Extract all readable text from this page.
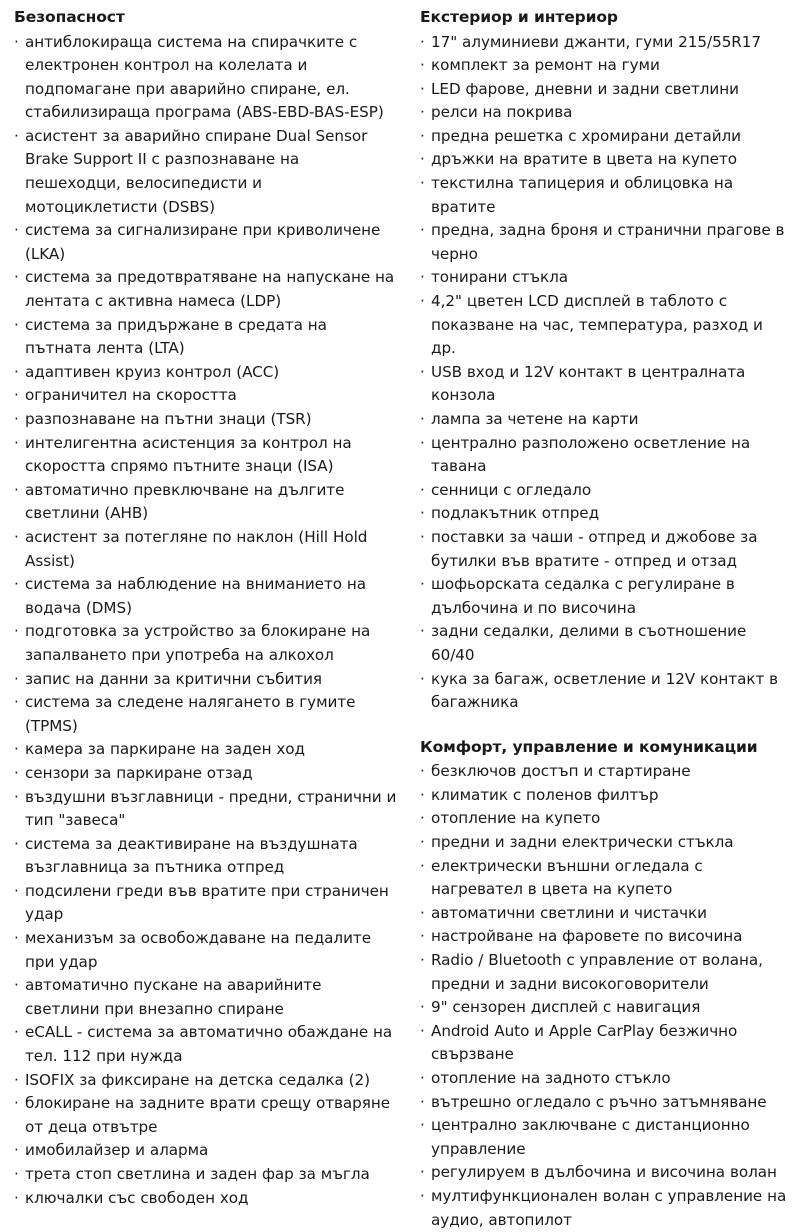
Безопасност
· антиблокираща система на спирачките с електронен контрол на колелата и подпомагане при аварийно спиране, ел. стабилизираща програма (ABS-EBD-BAS-ESP)
· асистент за аварийно спиране Dual Sensor Brake Support II с разпознаване на пешеходци, велосипедисти и мотоциклетисти (DSBS)
· система за сигнализиране при криволичене (LKA)
· система за предотвратяване на напускане на лентата с активна намеса (LDP)
· система за придържане в средата на пътната лента (LTA)
· адаптивен круиз контрол (ACC)
· ограничител на скоростта
· разпознаване на пътни знаци (TSR)
· интелигентна асистенция за контрол на скоростта спрямо пътните знаци (ISA)
· автоматично превключване на дългите светлини (AHB)
· асистент за потегляне по наклон (Hill Hold Assist)
· система за наблюдение на вниманието на водача (DMS)
· подготовка за устройство за блокиране на запалването при употреба на алкохол
· запис на данни за критични събития
· система за следене налягането в гумите (TPMS)
· камера за паркиране на заден ход
· сензори за паркиране отзад
· въздушни възглавници - предни, странични и тип "завеса"
· система за деактивиране на въздушната възглавница за пътника отпред
· подсилени греди във вратите при страничен удар
· механизъм за освобождаване на педалите при удар
· автоматично пускане на аварийните светлини при внезапно спиране
· eCALL - система за автоматично обаждане на тел. 112 при нужда
· ISOFIX за фиксиране на детска седалка (2)
· блокиране на задните врати срещу отваряне от деца отвътре
· имобилайзер и аларма
· трета стоп светлина и заден фар за мъгла
· ключалки със свободен ход
Екстериор и интериор
· 17" алуминиеви джанти, гуми 215/55R17
· комплект за ремонт на гуми
· LED фарове, дневни и задни светлини
· релси на покрива
· предна решетка с хромирани детайли
· дръжки на вратите в цвета на купето
· текстилна тапицерия и облицовка на вратите
· предна, задна броня и странични прагове в черно
· тонирани стъкла
· 4,2" цветен LCD дисплей в таблото с показване на час, температура, разход и др.
· USB вход и 12V контакт в централната конзола
· лампа за четене на карти
· централно разположено осветление на тавана
· сенници с огледало
· подлакътник отпред
· поставки за чаши - отпред и джобове за бутилки във вратите - отпред и отзад
· шофьорската седалка с регулиране в дълбочина и по височина
· задни седалки, делими в съотношение 60/40
· кука за багаж, осветление и 12V контакт в багажника
Комфорт, управление и комуникации
· безключов достъп и стартиране
· климатик с поленов филтър
· отопление на купето
· предни и задни електрически стъкла
· електрически външни огледала с нагревател в цвета на купето
· автоматични светлини и чистачки
· настройване на фаровете по височина
· Radio / Bluetooth с управление от волана, предни и задни високоговорители
· 9" сензорен дисплей с навигация
· Android Auto и Apple CarPlay безжично свързване
· отопление на задното стъкло
· вътрешно огледало с ръчно затъмняване
· централно заключване с дистанционно управление
· регулируем в дълбочина и височина волан
· мултифункционален волан с управление на аудио, автопилот
